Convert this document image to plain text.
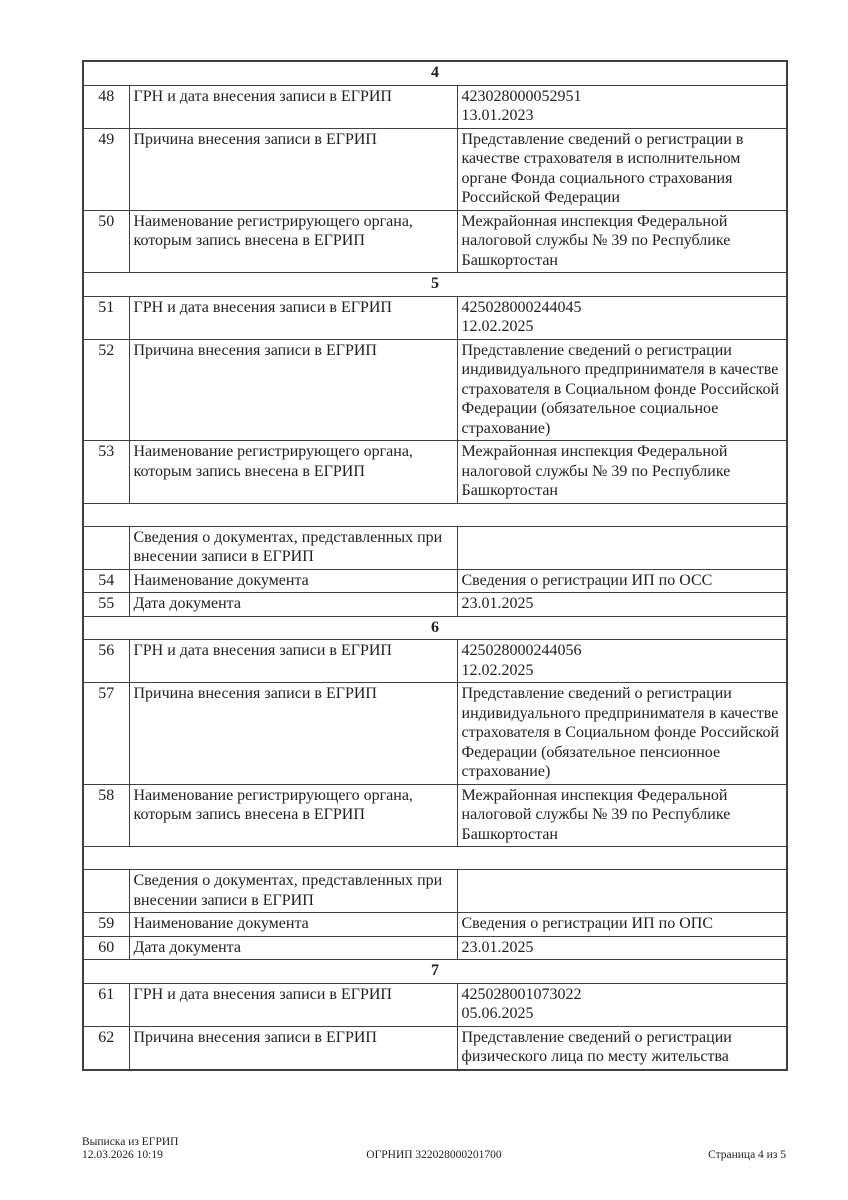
4		
48	ГРН и дата внесения записи в ЕГРИП	423028000052951
13.01.2023

49	Причина внесения записи в ЕГРИП	Представление сведений о регистрации в качестве страхователя в исполнительном органе Фонда социального страхования Российской Федерации

50	Наименование регистрирующего органа, которым запись внесена в ЕГРИП	Межрайонная инспекция Федеральной налоговой службы № 39 по Республике Башкортостан

5		
51	ГРН и дата внесения записи в ЕГРИП	425028000244045
12.02.2025

52	Причина внесения записи в ЕГРИП	Представление сведений о регистрации индивидуального предпринимателя в качестве страхователя в Социальном фонде Российской Федерации (обязательное социальное страхование)

53	Наименование регистрирующего органа, которым запись внесена в ЕГРИП	Межрайонная инспекция Федеральной налоговой службы № 39 по Республике Башкортостан

	Сведения о документах, представленных при внесении записи в ЕГРИП	
54	Наименование документа	Сведения о регистрации ИП по ОСС

55	Дата документа	23.01.2025

6		
56	ГРН и дата внесения записи в ЕГРИП	425028000244056
12.02.2025

57	Причина внесения записи в ЕГРИП	Представление сведений о регистрации индивидуального предпринимателя в качестве страхователя в Социальном фонде Российской Федерации (обязательное пенсионное страхование)

58	Наименование регистрирующего органа, которым запись внесена в ЕГРИП	Межрайонная инспекция Федеральной налоговой службы № 39 по Республике Башкортостан

	Сведения о документах, представленных при внесении записи в ЕГРИП	
59	Наименование документа	Сведения о регистрации ИП по ОПС

60	Дата документа	23.01.2025

7		
61	ГРН и дата внесения записи в ЕГРИП	425028001073022
05.06.2025

62	Причина внесения записи в ЕГРИП	Представление сведений о регистрации физического лица по месту жительства
Выписка из ЕГРИП
12.03.2026 10:19	ОГРНИП 322028000201700	Страница 4 из 5
